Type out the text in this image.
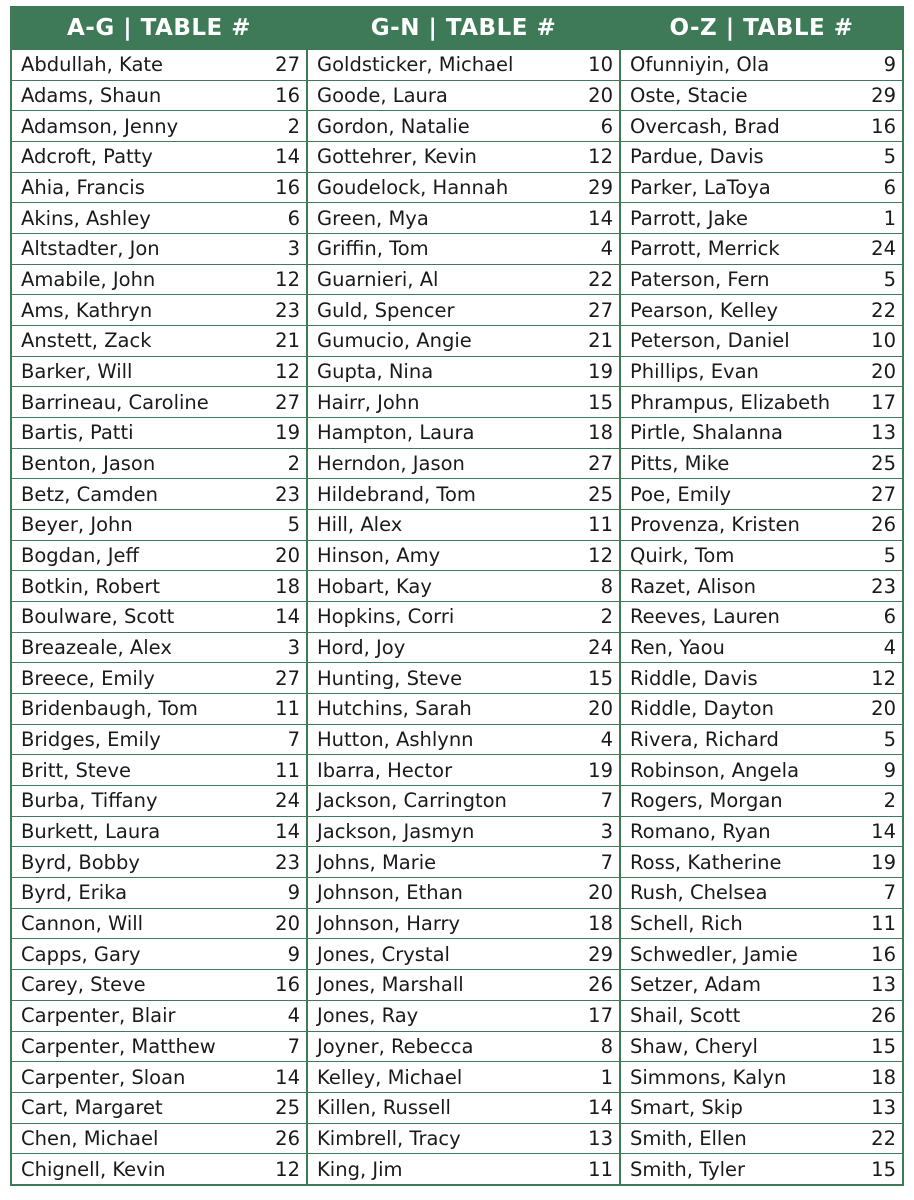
A-G | TABLE #
Abdullah, Kate	27
Adams, Shaun	16
Adamson, Jenny	2
Adcroft, Patty	14
Ahia, Francis	16
Akins, Ashley	6
Altstadter, Jon	3
Amabile, John	12
Ams, Kathryn	23
Anstett, Zack	21
Barker, Will	12
Barrineau, Caroline	27
Bartis, Patti	19
Benton, Jason	2
Betz, Camden	23
Beyer, John	5
Bogdan, Jeff	20
Botkin, Robert	18
Boulware, Scott	14
Breazeale, Alex	3
Breece, Emily	27
Bridenbaugh, Tom	11
Bridges, Emily	7
Britt, Steve	11
Burba, Tiffany	24
Burkett, Laura	14
Byrd, Bobby	23
Byrd, Erika	9
Cannon, Will	20
Capps, Gary	9
Carey, Steve	16
Carpenter, Blair	4
Carpenter, Matthew	7
Carpenter, Sloan	14
Cart, Margaret	25
Chen, Michael	26
Chignell, Kevin	12
G-N | TABLE #
Goldsticker, Michael	10
Goode, Laura	20
Gordon, Natalie	6
Gottehrer, Kevin	12
Goudelock, Hannah	29
Green, Mya	14
Griffin, Tom	4
Guarnieri, Al	22
Guld, Spencer	27
Gumucio, Angie	21
Gupta, Nina	19
Hairr, John	15
Hampton, Laura	18
Herndon, Jason	27
Hildebrand, Tom	25
Hill, Alex	11
Hinson, Amy	12
Hobart, Kay	8
Hopkins, Corri	2
Hord, Joy	24
Hunting, Steve	15
Hutchins, Sarah	20
Hutton, Ashlynn	4
Ibarra, Hector	19
Jackson, Carrington	7
Jackson, Jasmyn	3
Johns, Marie	7
Johnson, Ethan	20
Johnson, Harry	18
Jones, Crystal	29
Jones, Marshall	26
Jones, Ray	17
Joyner, Rebecca	8
Kelley, Michael	1
Killen, Russell	14
Kimbrell, Tracy	13
King, Jim	11
O-Z | TABLE #
Ofunniyin, Ola	9
Oste, Stacie	29
Overcash, Brad	16
Pardue, Davis	5
Parker, LaToya	6
Parrott, Jake	1
Parrott, Merrick	24
Paterson, Fern	5
Pearson, Kelley	22
Peterson, Daniel	10
Phillips, Evan	20
Phrampus, Elizabeth 17
Pirtle, Shalanna	13
Pitts, Mike	25
Poe, Emily	27
Provenza, Kristen	26
Quirk, Tom	5
Razet, Alison	23
Reeves, Lauren	6
Ren, Yaou	4
Riddle, Davis	12
Riddle, Dayton	20
Rivera, Richard	5
Robinson, Angela	9
Rogers, Morgan	2
Romano, Ryan	14
Ross, Katherine	19
Rush, Chelsea	7
Schell, Rich	11
Schwedler, Jamie	16
Setzer, Adam	13
Shail, Scott	26
Shaw, Cheryl	15
Simmons, Kalyn	18
Smart, Skip	13
Smith, Ellen	22
Smith, Tyler	15
